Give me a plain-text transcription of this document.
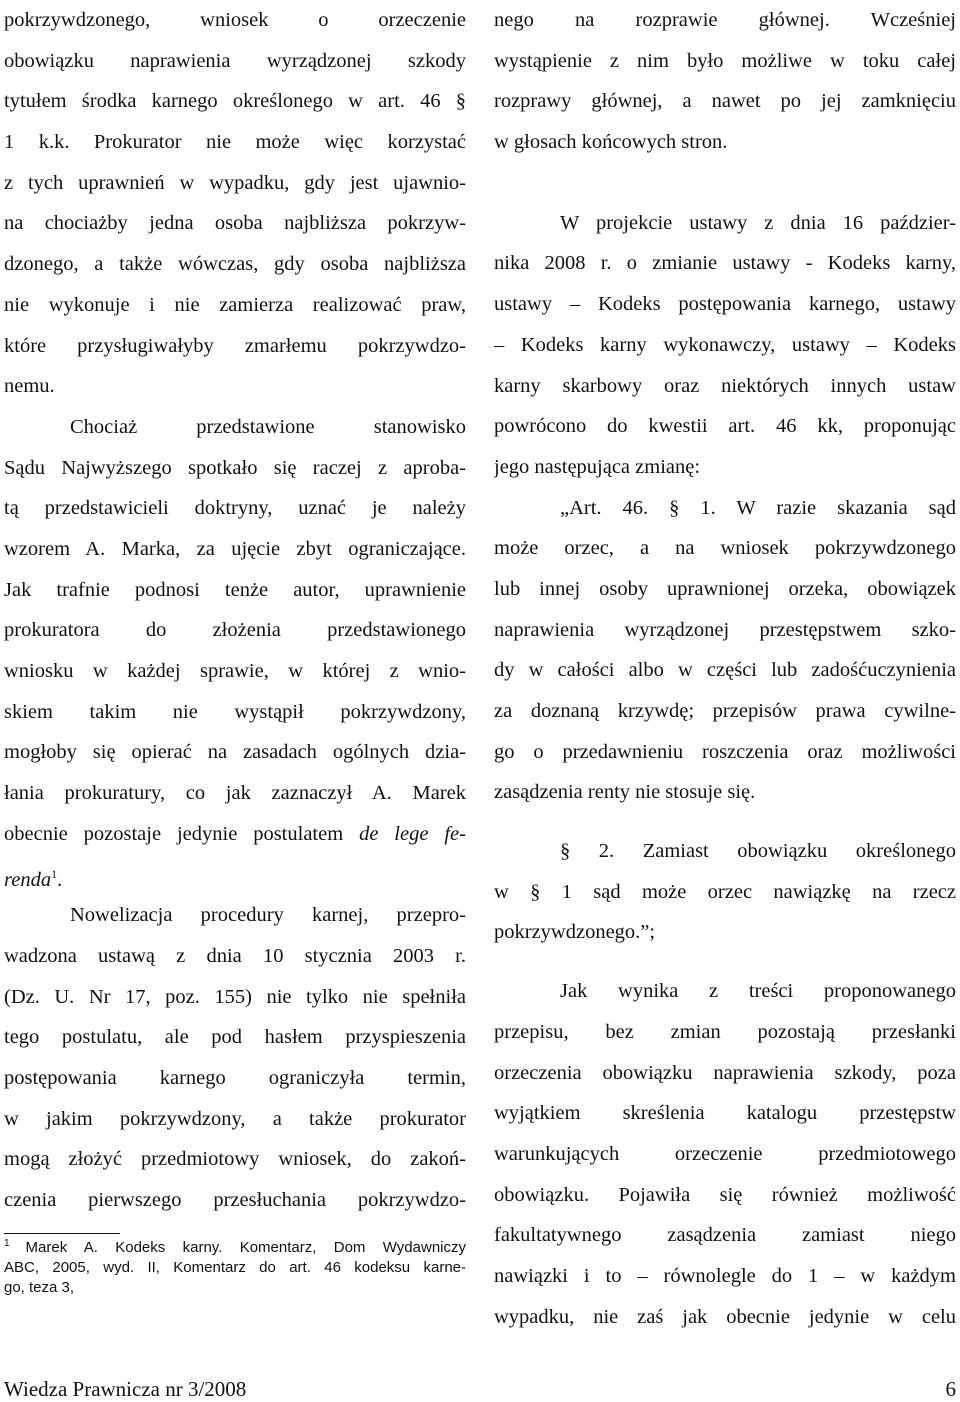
pokrzywdzonego, wniosek o orzeczenie
obowiązku naprawienia wyrządzonej szkody
tytułem środka karnego określonego w art. 46 §
1 k.k. Prokurator nie może więc korzystać
z tych uprawnień w wypadku, gdy jest ujawnio-
na chociażby jedna osoba najbliższa pokrzyw-
dzonego, a także wówczas, gdy osoba najbliższa
nie wykonuje i nie zamierza realizować praw,
które przysługiwałyby zmarłemu pokrzywdzo-
nemu.
Chociaż przedstawione stanowisko
Sądu Najwyższego spotkało się raczej z aproba-
tą przedstawicieli doktryny, uznać je należy
wzorem A. Marka, za ujęcie zbyt ograniczające.
Jak trafnie podnosi tenże autor, uprawnienie
prokuratora do złożenia przedstawionego
wniosku w każdej sprawie, w której z wnio-
skiem takim nie wystąpił pokrzywdzony,
mogłoby się opierać na zasadach ogólnych dzia-
łania prokuratury, co jak zaznaczył A. Marek
obecnie pozostaje jedynie postulatem de lege fe-
renda$^1$.
Nowelizacja procedury karnej, przepro-
wadzona ustawą z dnia 10 stycznia 2003 r.
(Dz. U. Nr 17, poz. 155) nie tylko nie spełniła
tego postulatu, ale pod hasłem przyspieszenia
postępowania karnego ograniczyła termin,
w jakim pokrzywdzony, a także prokurator
mogą złożyć przedmiotowy wniosek, do zakoń-
czenia pierwszego przesłuchania pokrzywdzo-
$^1$ Marek A. Kodeks karny. Komentarz, Dom Wydawniczy
ABC, 2005, wyd. II, Komentarz do art. 46 kodeksu karne-
go, teza 3,
nego na rozprawie głównej. Wcześniej
wystąpienie z nim było możliwe w toku całej
rozprawy głównej, a nawet po jej zamknięciu
w głosach końcowych stron.
W projekcie ustawy z dnia 16 paździer-
nika 2008 r. o zmianie ustawy - Kodeks karny,
ustawy – Kodeks postępowania karnego, ustawy
– Kodeks karny wykonawczy, ustawy – Kodeks
karny skarbowy oraz niektórych innych ustaw
powrócono do kwestii art. 46 kk, proponując
jego następująca zmianę:
„Art. 46. § 1. W razie skazania sąd
może orzec, a na wniosek pokrzywdzonego
lub innej osoby uprawnionej orzeka, obowiązek
naprawienia wyrządzonej przestępstwem szko-
dy w całości albo w części lub zadośćuczynienia
za doznaną krzywdę; przepisów prawa cywilne-
go o przedawnieniu roszczenia oraz możliwości
zasądzenia renty nie stosuje się.
§ 2. Zamiast obowiązku określonego
w § 1 sąd może orzec nawiązkę na rzecz
pokrzywdzonego.”;
Jak wynika z treści proponowanego
przepisu, bez zmian pozostają przesłanki
orzeczenia obowiązku naprawienia szkody, poza
wyjątkiem skreślenia katalogu przestępstw
warunkujących orzeczenie przedmiotowego
obowiązku. Pojawiła się również możliwość
fakultatywnego zasądzenia zamiast niego
nawiązki i to – równolegle do 1 – w każdym
wypadku, nie zaś jak obecnie jedynie w celu
Wiedza Prawnicza nr 3/2008	6
